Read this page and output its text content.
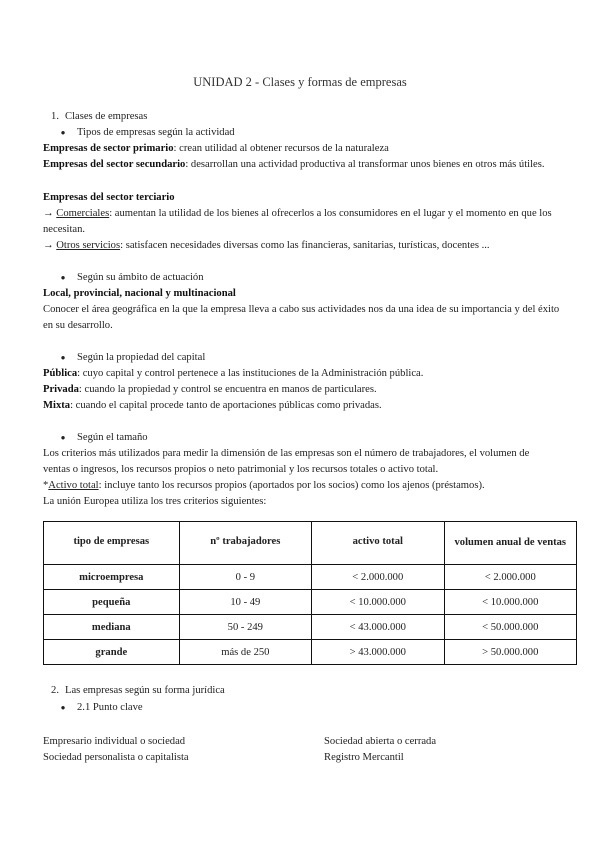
UNIDAD 2 - Clases y formas de empresas
1. Clases de empresas
● Tipos de empresas según la actividad
Empresas de sector primario: crean utilidad al obtener recursos de la naturaleza
Empresas del sector secundario: desarrollan una actividad productiva al transformar unos bienes en otros más útiles.
Empresas del sector terciario
→ Comerciales: aumentan la utilidad de los bienes al ofrecerlos a los consumidores en el lugar y el momento en que los necesitan.
→ Otros servicios: satisfacen necesidades diversas como las financieras, sanitarias, turísticas, docentes ...
● Según su ámbito de actuación
Local, provincial, nacional y multinacional
Conocer el área geográfica en la que la empresa lleva a cabo sus actividades nos da una idea de su importancia y del éxito en su desarrollo.
● Según la propiedad del capital
Pública: cuyo capital y control pertenece a las instituciones de la Administración pública.
Privada: cuando la propiedad y control se encuentra en manos de particulares.
Mixta: cuando el capital procede tanto de aportaciones públicas como privadas.
● Según el tamaño
Los criterios más utilizados para medir la dimensión de las empresas son el número de trabajadores, el volumen de ventas o ingresos, los recursos propios o neto patrimonial y los recursos totales o activo total.
*Activo total: incluye tanto los recursos propios (aportados por los socios) como los ajenos (préstamos).
La unión Europea utiliza los tres criterios siguientes:
tipo de empresas	nº trabajadores	activo total	volumen anual de ventas
microempresa	0 - 9	< 2.000.000	< 2.000.000
pequeña	10 - 49	< 10.000.000	< 10.000.000
mediana	50 - 249	< 43.000.000	< 50.000.000
grande	más de 250	> 43.000.000	> 50.000.000
2. Las empresas según su forma jurídica
● 2.1 Punto clave
Empresario individual o sociedad
Sociedad personalista o capitalista
Sociedad abierta o cerrada
Registro Mercantil
